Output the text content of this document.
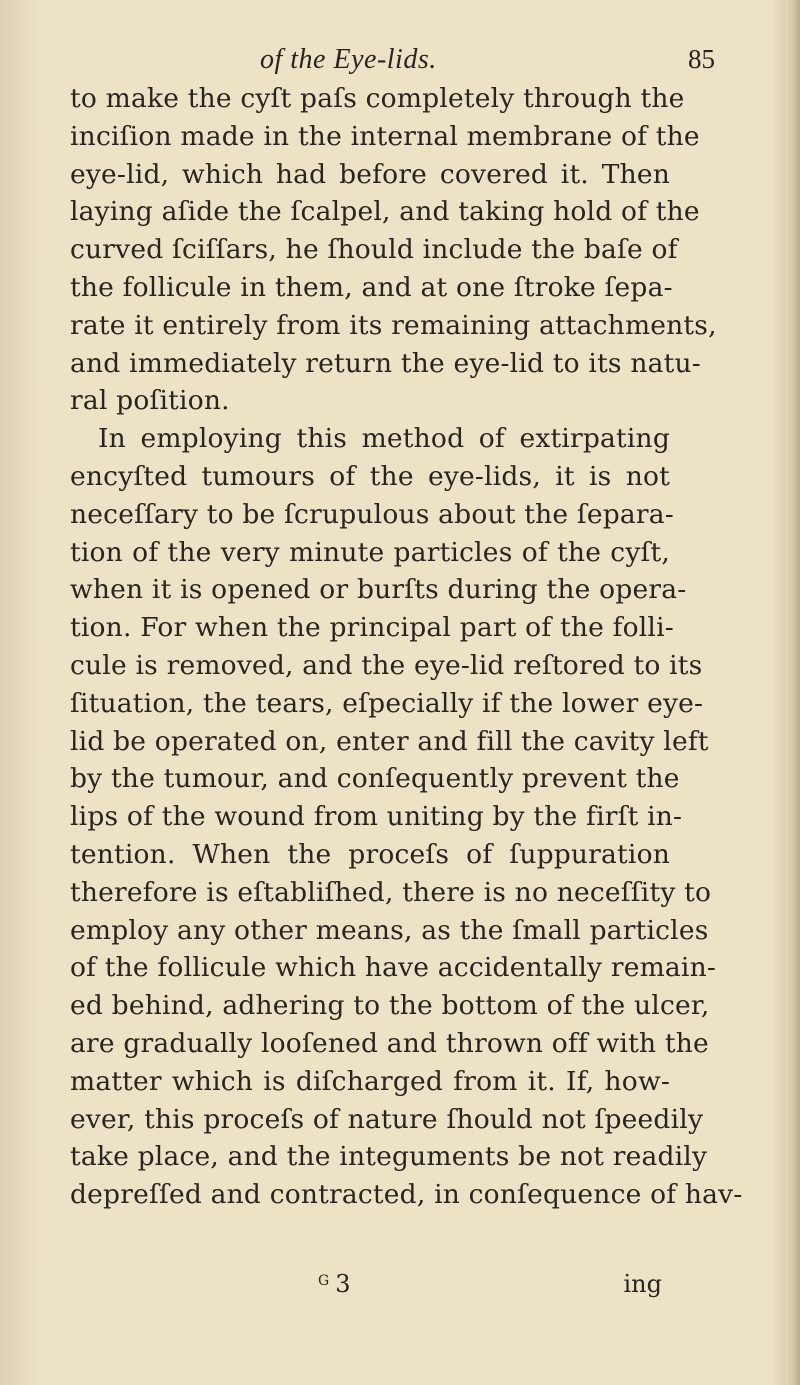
of the Eye-lids.	85
to make the cyſt paſs completely through the
inciſion made in the internal membrane of the
eye-lid, which had before covered it. Then
laying aſide the ſcalpel, and taking hold of the
curved ſciſſars, he ſhould include the baſe of
the follicule in them, and at one ſtroke ſepa-
rate it entirely from its remaining attachments,
and immediately return the eye-lid to its natu-
ral poſition.
In employing this method of extirpating
encyſted tumours of the eye-lids, it is not
neceſſary to be ſcrupulous about the ſepara-
tion of the very minute particles of the cyſt,
when it is opened or burſts during the opera-
tion. For when the principal part of the folli-
cule is removed, and the eye-lid reſtored to its
ſituation, the tears, eſpecially if the lower eye-
lid be operated on, enter and fill the cavity left
by the tumour, and conſequently prevent the
lips of the wound from uniting by the firſt in-
tention. When the proceſs of ſuppuration
therefore is eſtabliſhed, there is no neceſſity to
employ any other means, as the ſmall particles
of the follicule which have accidentally remain-
ed behind, adhering to the bottom of the ulcer,
are gradually looſened and thrown off with the
matter which is diſcharged from it. If, how-
ever, this proceſs of nature ſhould not ſpeedily
take place, and the integuments be not readily
depreſſed and contracted, in conſequence of hav-
$^G$ 3	ing
